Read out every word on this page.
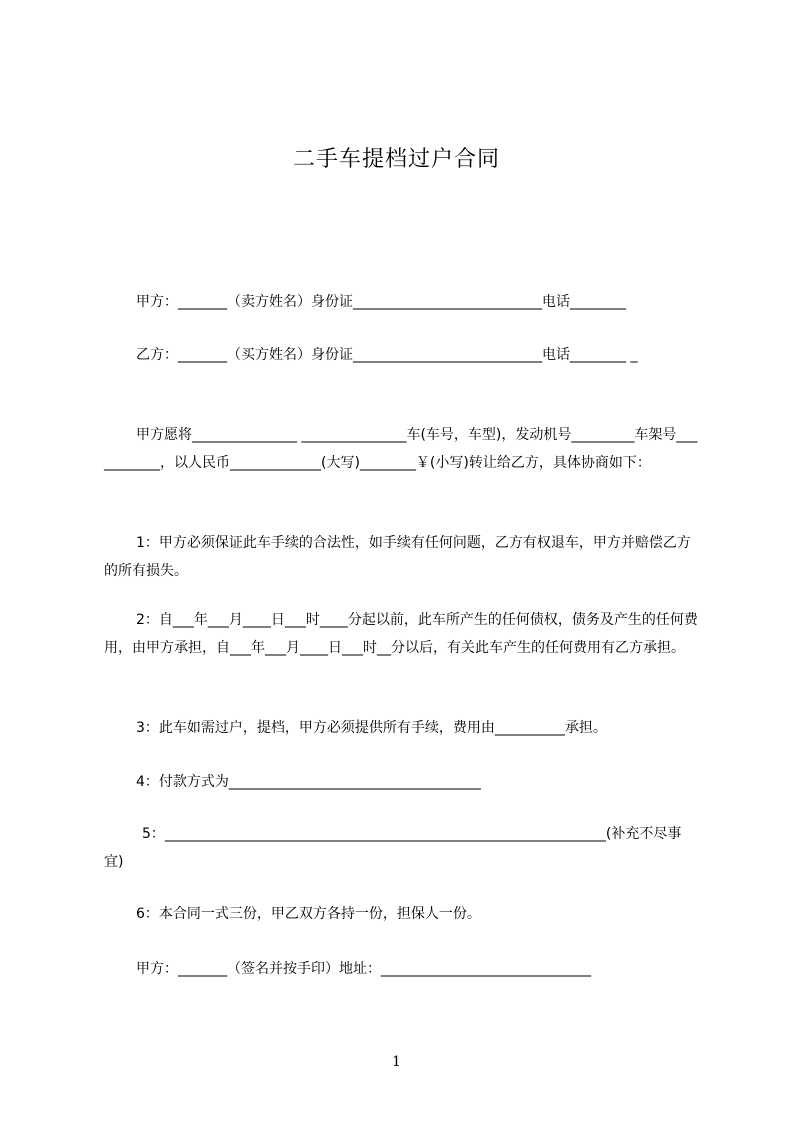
二手车提档过户合同
甲方：_______（卖方姓名）身份证___________________________电话________
乙方：_______（买方姓名）身份证___________________________电话________ _
甲方愿将_______________ _______________车(车号，车型)，发动机号_________车架号___________，以人民币_____________(大写)________￥(小写)转让给乙方，具体协商如下：
1：甲方必须保证此车手续的合法性，如手续有任何问题，乙方有权退车，甲方并赔偿乙方的所有损失。
2：自___年___月____日___时____分起以前，此车所产生的任何债权，债务及产生的任何费用，由甲方承担，自___年___月____日___时__分以后，有关此车产生的任何费用有乙方承担。
3：此车如需过户，提档，甲方必须提供所有手续，费用由__________承担。
4：付款方式为____________________________________
5：_______________________________________________________________(补充不尽事宜)
6：本合同一式三份，甲乙双方各持一份，担保人一份。
甲方：_______（签名并按手印）地址：______________________________
1
